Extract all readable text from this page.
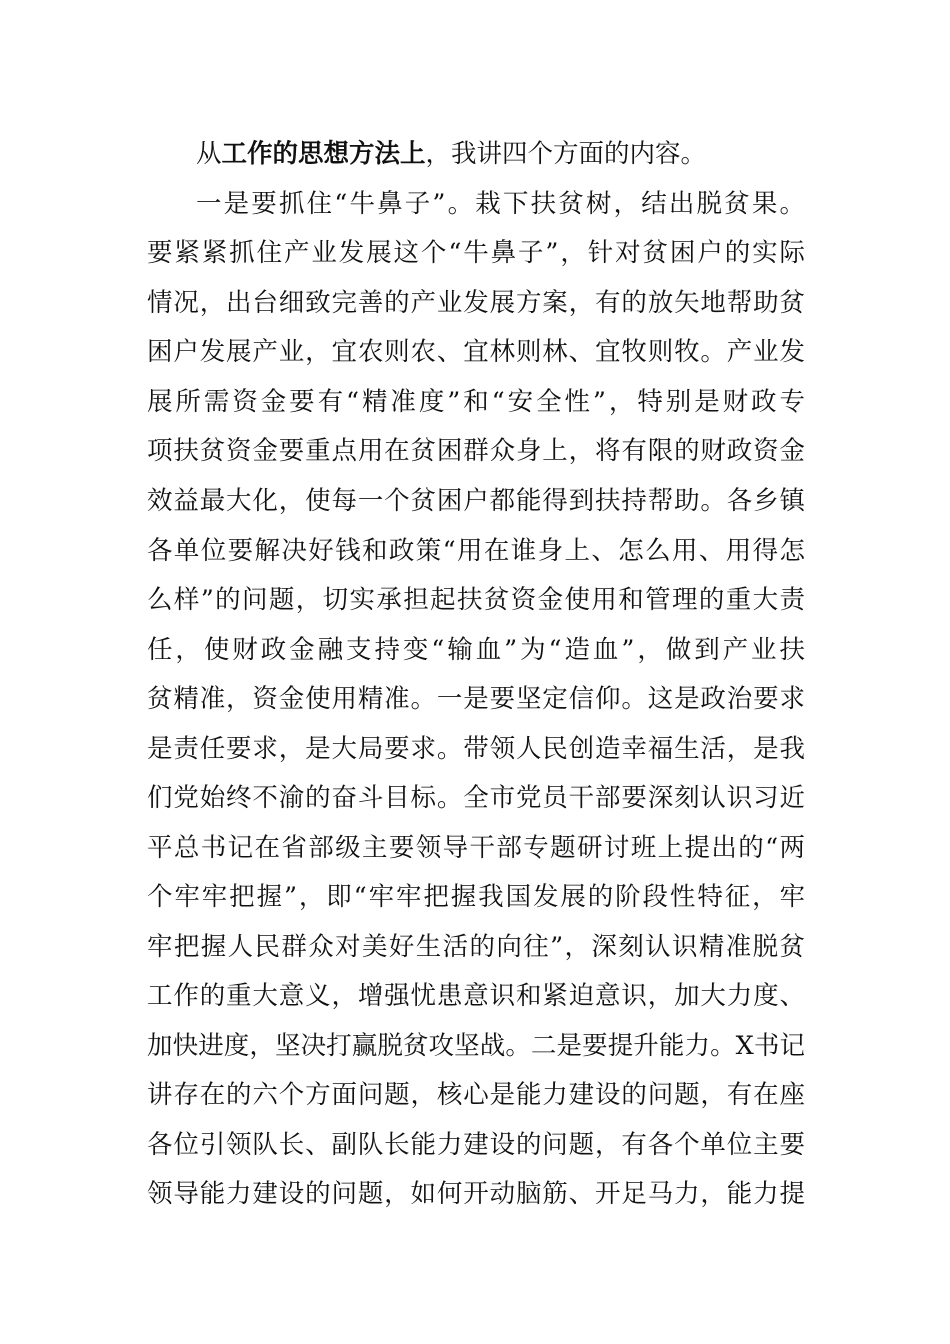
从工作的思想方法上，我讲四个方面的内容。
一是要抓住“牛鼻子”。栽下扶贫树，结出脱贫果。
要紧紧抓住产业发展这个“牛鼻子”，针对贫困户的实际
情况，出台细致完善的产业发展方案，有的放矢地帮助贫
困户发展产业，宜农则农、宜林则林、宜牧则牧。产业发
展所需资金要有“精准度”和“安全性”，特别是财政专
项扶贫资金要重点用在贫困群众身上，将有限的财政资金
效益最大化，使每一个贫困户都能得到扶持帮助。各乡镇
各单位要解决好钱和政策“用在谁身上、怎么用、用得怎
么样”的问题，切实承担起扶贫资金使用和管理的重大责
任，使财政金融支持变“输血”为“造血”，做到产业扶
贫精准，资金使用精准。一是要坚定信仰。这是政治要求
是责任要求，是大局要求。带领人民创造幸福生活，是我
们党始终不渝的奋斗目标。全市党员干部要深刻认识习近
平总书记在省部级主要领导干部专题研讨班上提出的“两
个牢牢把握”，即“牢牢把握我国发展的阶段性特征，牢
牢把握人民群众对美好生活的向往”，深刻认识精准脱贫
工作的重大意义，增强忧患意识和紧迫意识，加大力度、
加快进度，坚决打赢脱贫攻坚战。二是要提升能力。X书记
讲存在的六个方面问题，核心是能力建设的问题，有在座
各位引领队长、副队长能力建设的问题，有各个单位主要
领导能力建设的问题，如何开动脑筋、开足马力，能力提
